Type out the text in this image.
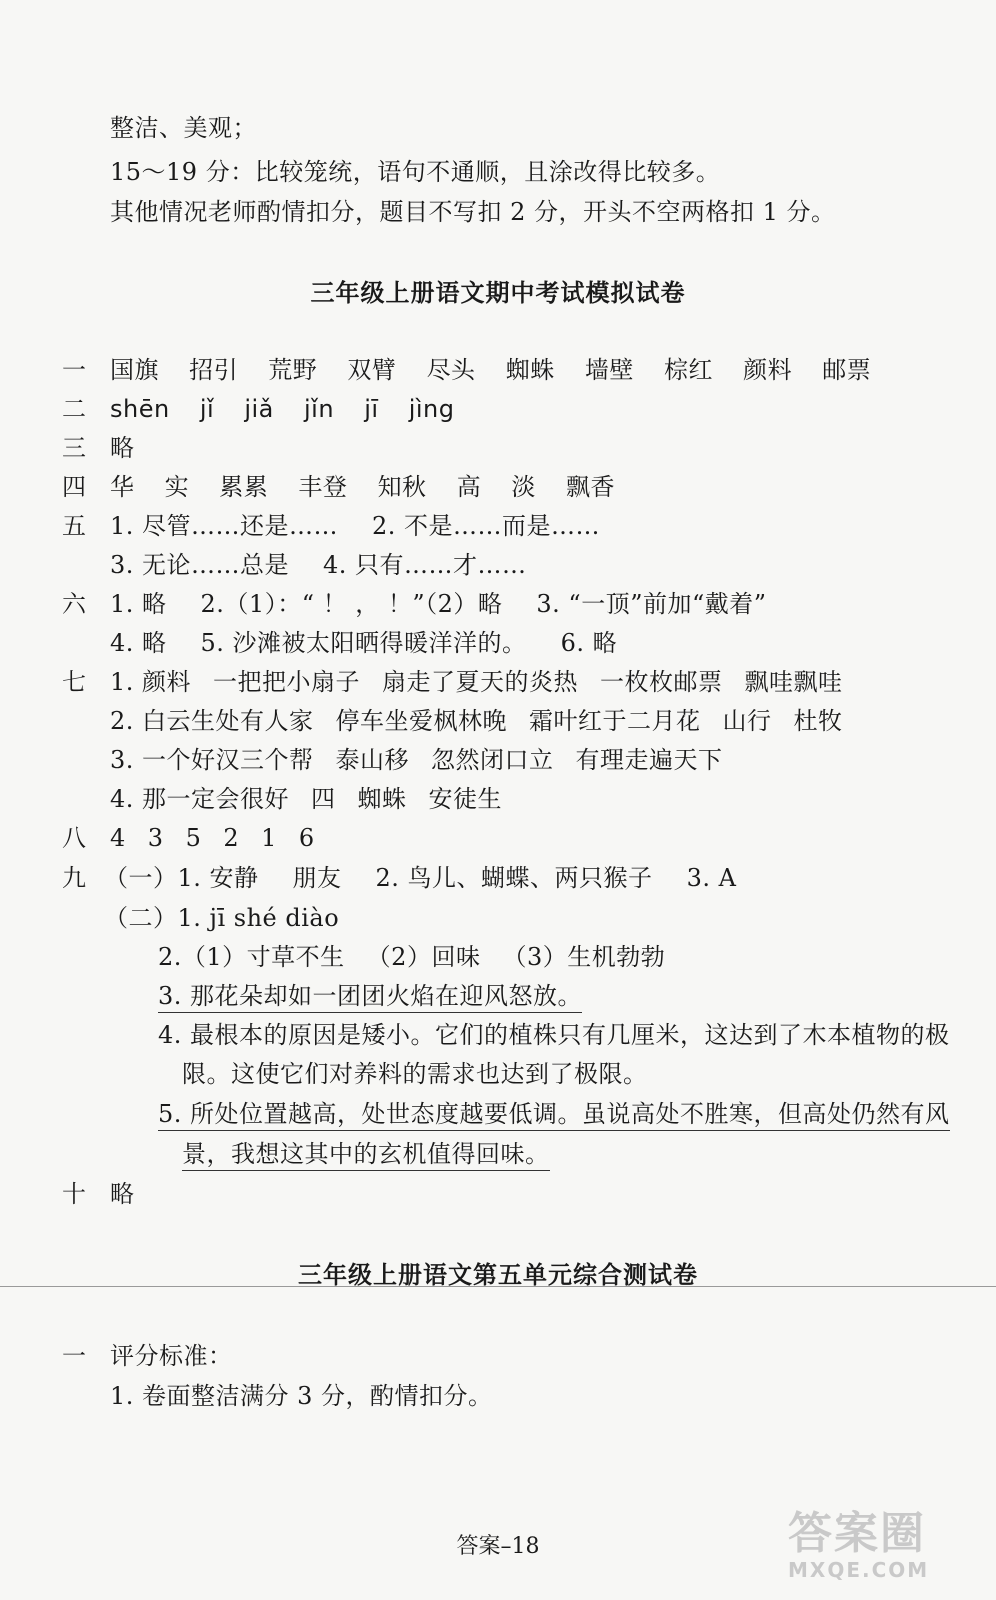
整洁、美观；
15～19 分：比较笼统，语句不通顺，且涂改得比较多。
其他情况老师酌情扣分，题目不写扣 2 分，开头不空两格扣 1 分。
三年级上册语文期中考试模拟试卷
一 国旗 招引 荒野 双臂 尽头 蜘蛛 墙壁 棕红 颜料 邮票
二 shēn jǐ jiǎ jǐn jī jìng
三 略
四 华 实 累累 丰登 知秋 高 淡 飘香
五 1. 尽管……还是…… 2. 不是……而是……
3. 无论……总是 4. 只有……才……
六 1. 略 2.（1）：“ ！ ， ！”（2）略 3. “一顶”前加“戴着”
4. 略 5. 沙滩被太阳晒得暖洋洋的。 6. 略
七 1. 颜料 一把把小扇子 扇走了夏天的炎热 一枚枚邮票 飘哇飘哇
2. 白云生处有人家 停车坐爱枫林晚 霜叶红于二月花 山行 杜牧
3. 一个好汉三个帮 泰山移 忽然闭口立 有理走遍天下
4. 那一定会很好 四 蜘蛛 安徒生
八 4 3 5 2 1 6
九 （一）1. 安静 朋友 2. 鸟儿、蝴蝶、两只猴子 3. A
（二）1. jī shé diào
2.（1）寸草不生 （2）回味 （3）生机勃勃
3. 那花朵却如一团团火焰在迎风怒放。
4. 最根本的原因是矮小。它们的植株只有几厘米，这达到了木本植物的极
限。这使它们对养料的需求也达到了极限。
5. 所处位置越高，处世态度越要低调。虽说高处不胜寒，但高处仍然有风
景，我想这其中的玄机值得回味。
十 略
三年级上册语文第五单元综合测试卷
一 评分标准：
1. 卷面整洁满分 3 分，酌情扣分。
答案–18	答案圈
MXQE.COM
